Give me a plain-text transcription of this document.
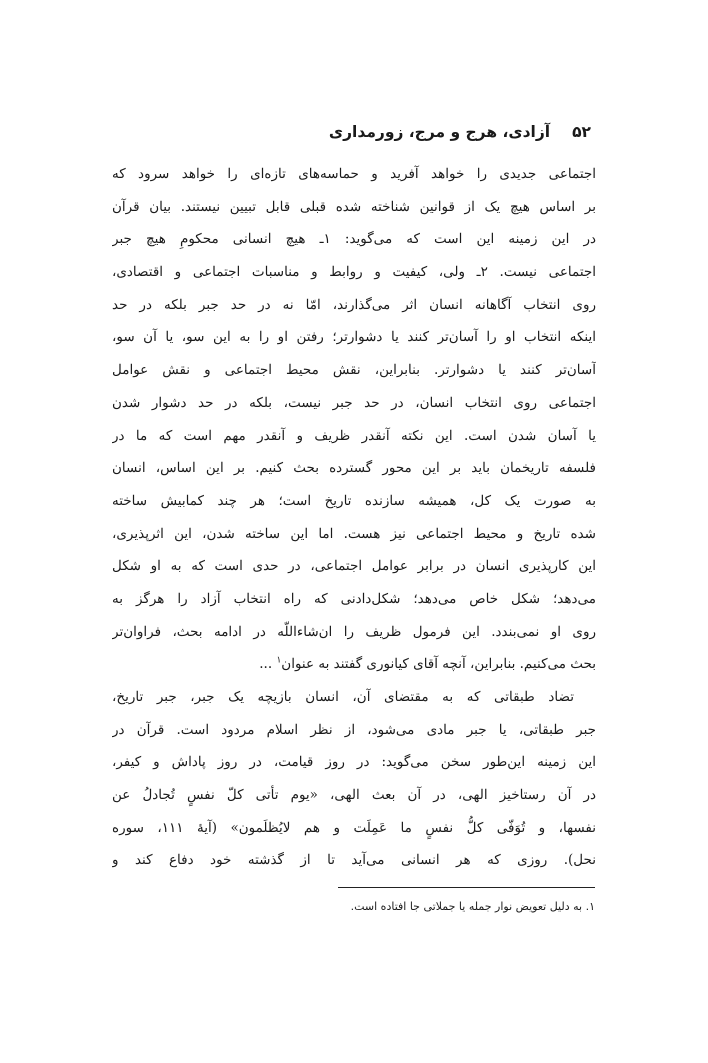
۵۲آزادی، هرج و مرج، زورمداری
اجتماعی جدیدی را خواهد آفرید و حماسه‌های تازه‌ای را خواهد سرود که
بر اساس هیچ یک از قوانین شناخته شده قبلی قابل تبیین نیستند. بیان قرآن
در این زمینه این است که می‌گوید: ۱ـ هیچ انسانی محکومِ هیچ جبر
اجتماعی نیست. ۲ـ ولی، کیفیت و روابط و مناسبات اجتماعی و اقتصادی،
روی انتخاب آگاهانه انسان اثر می‌گذارند، امّا نه در حد جبر بلکه در حد
اینکه انتخاب او را آسان‌تر کنند یا دشوارتر؛ رفتن او را به این سو، یا آن سو،
آسان‌تر کنند یا دشوارتر. بنابراین، نقش محیط اجتماعی و نقش عوامل
اجتماعی روی انتخاب انسان، در حد جبر نیست، بلکه در حد دشوار شدن
یا آسان شدن است. این نکته آنقدر ظریف و آنقدر مهم است که ما در
فلسفه تاریخمان باید بر این محور گسترده بحث کنیم. بر این اساس، انسان
به صورت یک کل، همیشه سازنده تاریخ است؛ هر چند کمابیش ساخته
شده تاریخ و محیط اجتماعی نیز هست. اما این ساخته شدن، این اثرپذیری،
این کارپذیری انسان در برابر عوامل اجتماعی، در حدی است که به او شکل
می‌دهد؛ شکل خاص می‌دهد؛ شکل‌دادنی که راه انتخاب آزاد را هرگز به
روی او نمی‌بندد. این فرمول ظریف را ان‌شاءاللّه در ادامه بحث، فراوان‌تر
بحث می‌کنیم. بنابراین، آنچه آقای کیانوری گفتند به عنوان$^۱$ ...
تضاد طبقاتی که به مقتضای آن، انسان بازیچه یک جبر، جبر تاریخ،
جبر طبقاتی، یا جبر مادی می‌شود، از نظر اسلام مردود است. قرآن در
این زمینه این‌طور سخن می‌گوید: در روز قیامت، در روز پاداش و کیفر،
در آن رستاخیز الهی، در آن بعث الهی، «یوم تأتی کلّ نفسٍ تُجادلُ عن
نفسها، و تُوَفّی کلُّ نفسٍ ما عَمِلَت و هم لایُظلَمون» (آیهٔ ۱۱۱، سوره
نحل). روزی که هر انسانی می‌آید تا از گذشته خود دفاع کند و
۱. به دلیل تعویض نوار جمله یا جملاتی جا افتاده است.
